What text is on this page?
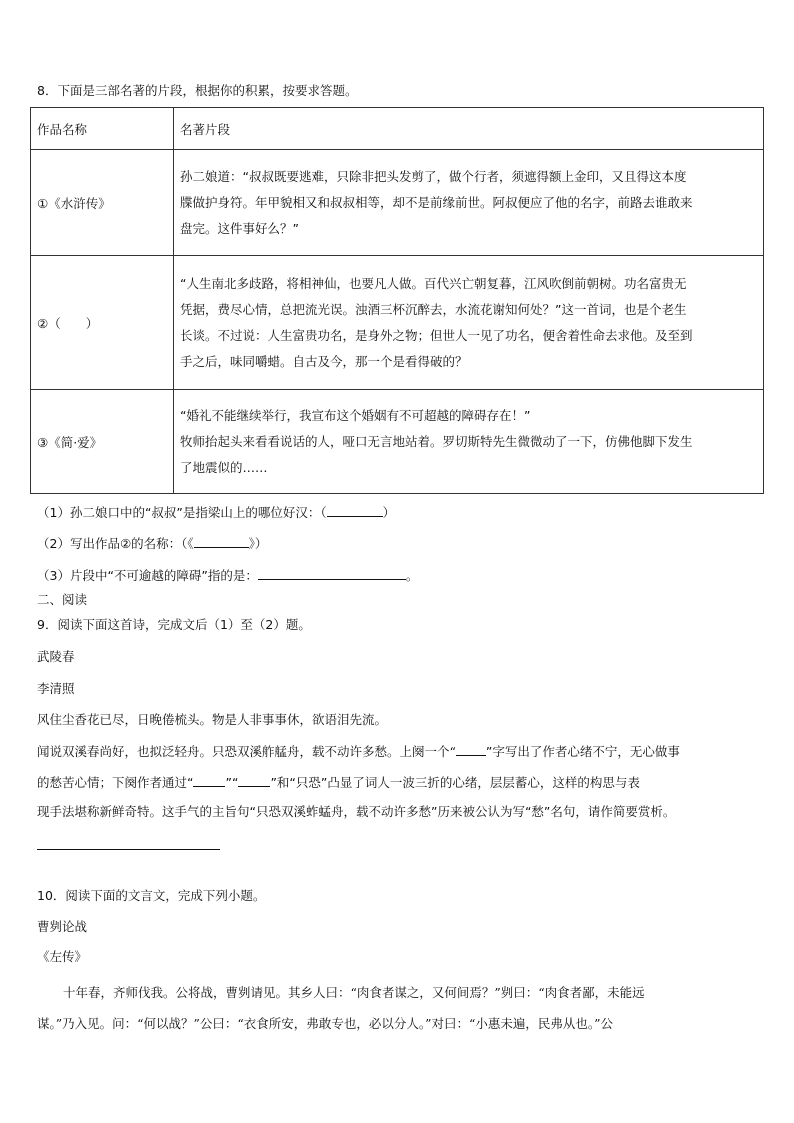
8．下面是三部名著的片段，根据你的积累，按要求答题。
作品名称	名著片段
①《水浒传》	孙二娘道：“叔叔既要逃难，只除非把头发剪了，做个行者，须遮得额上金印，又且得这本度
牒做护身符。年甲貌相又和叔叔相等，却不是前缘前世。阿叔便应了他的名字，前路去谁敢来
盘完。这件事好么？”

②（　　）	“人生南北多歧路，将相神仙，也要凡人做。百代兴亡朝复暮，江风吹倒前朝树。功名富贵无
凭据，费尽心情，总把流光误。浊酒三杯沉醉去，水流花谢知何处？”这一首词，也是个老生
长谈。不过说：人生富贵功名，是身外之物；但世人一见了功名，便舍着性命去求他。及至到
手之后，味同嚼蜡。自古及今，那一个是看得破的？

③《简·爱》	“婚礼不能继续举行，我宣布这个婚姻有不可超越的障碍存在！”
牧师抬起头来看看说话的人，哑口无言地站着。罗切斯特先生微微动了一下，仿佛他脚下发生
了地震似的……
（1）孙二娘口中的“叔叔”是指梁山上的哪位好汉：（	）
（2）写出作品②的名称：（《	》）
（3）片段中“不可逾越的障碍”指的是：	。
二、阅读
9．阅读下面这首诗，完成文后（1）至（2）题。
武陵春
李清照
风住尘香花已尽，日晚倦梳头。物是人非事事休，欲语泪先流。
闻说双溪春尚好，也拟泛轻舟。只恐双溪舴艋舟，载不动许多愁。上阕一个“ ”字写出了作者心绪不宁，无心做事
的愁苦心情；下阕作者通过“	”“	”和“只恐”凸显了词人一波三折的心绪，层层蓄心，这样的构思与表
现手法堪称新鲜奇特。这手气的主旨句“只恐双溪蚱蜢舟，载不动许多愁”历来被公认为写“愁”名句，请作简要赏析。
10．阅读下面的文言文，完成下列小题。
曹刿论战
《左传》
十年春，齐师伐我。公将战，曹刿请见。其乡人曰：“肉食者谋之，又何间焉？”刿曰：“肉食者鄙，未能远
谋。”乃入见。问：“何以战？”公曰：“衣食所安，弗敢专也，必以分人。”对曰：“小惠未遍，民弗从也。”公
